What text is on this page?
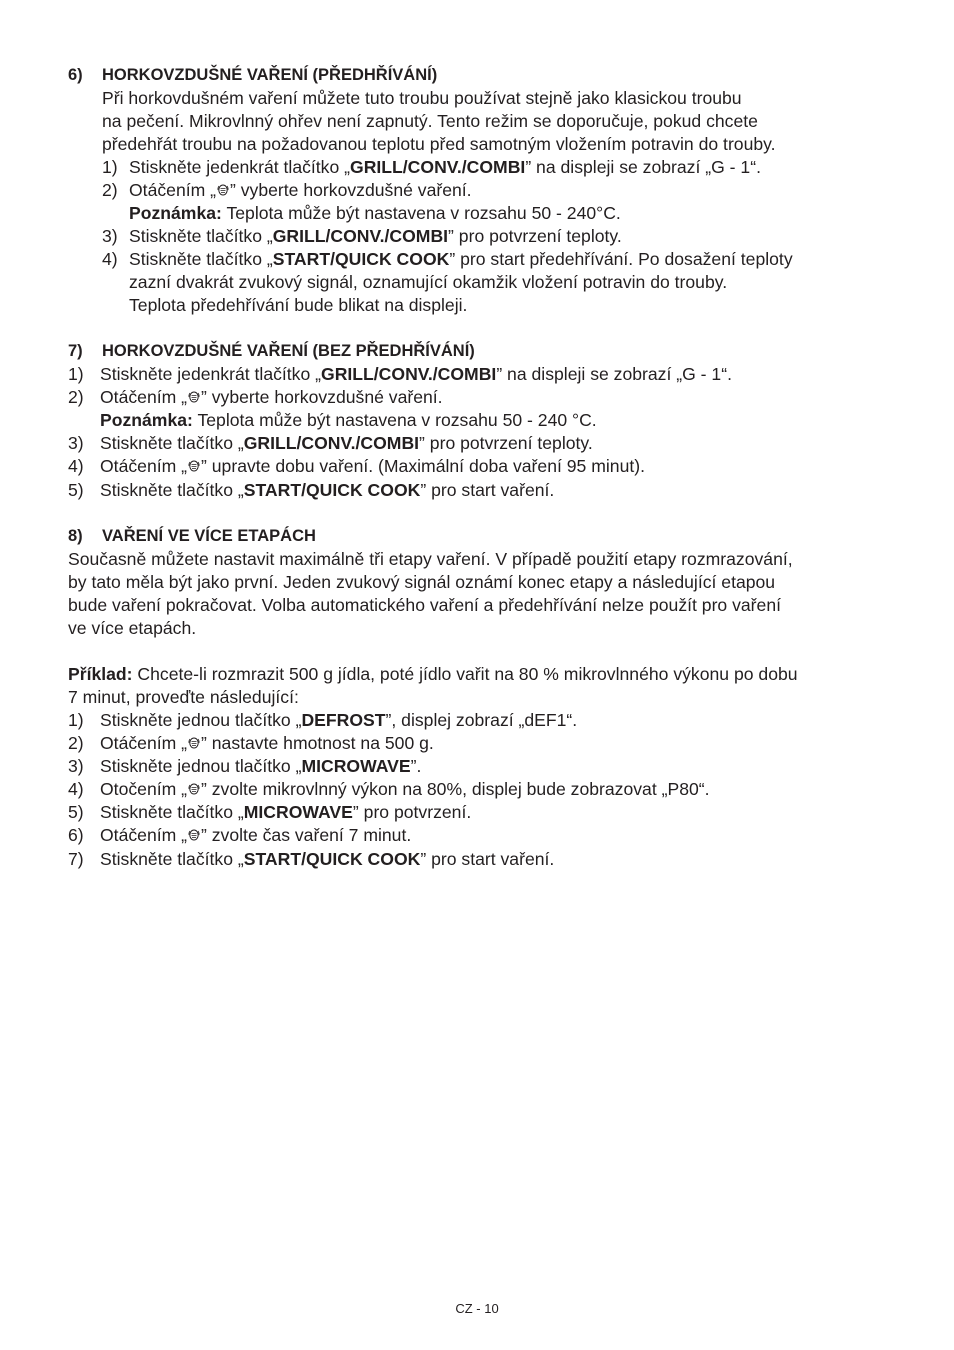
6) HORKOVZDUŠNÉ VAŘENÍ (PŘEDHŘÍVÁNÍ)
Při horkovdušném vaření můžete tuto troubu používat stejně jako klasickou troubu
na pečení. Mikrovlnný ohřev není zapnutý. Tento režim se doporučuje, pokud chcete
předehřát troubu na požadovanou teplotu před samotným vložením potravin do trouby.
1) Stiskněte jedenkrát tlačítko „GRILL/CONV./COMBI” na displeji se zobrazí „G - 1“.
2) Otáčením „ ” vyberte horkovzdušné vaření.
Poznámka: Teplota může být nastavena v rozsahu 50 - 240°C.
3) Stiskněte tlačítko „GRILL/CONV./COMBI” pro potvrzení teploty.
4) Stiskněte tlačítko „START/QUICK COOK” pro start předehřívání. Po dosažení teploty
zazní dvakrát zvukový signál, oznamující okamžik vložení potravin do trouby.
Teplota předehřívání bude blikat na displeji.
7) HORKOVZDUŠNÉ VAŘENÍ (BEZ PŘEDHŘÍVÁNÍ)
1) Stiskněte jedenkrát tlačítko „GRILL/CONV./COMBI” na displeji se zobrazí „G - 1“.
2) Otáčením „ ” vyberte horkovzdušné vaření.
Poznámka: Teplota může být nastavena v rozsahu 50 - 240 °C.
3) Stiskněte tlačítko „GRILL/CONV./COMBI” pro potvrzení teploty.
4) Otáčením „ ” upravte dobu vaření. (Maximální doba vaření 95 minut).
5) Stiskněte tlačítko „START/QUICK COOK” pro start vaření.
8) VAŘENÍ VE VÍCE ETAPÁCH
Současně můžete nastavit maximálně tři etapy vaření. V případě použití etapy rozmrazování,
by tato měla být jako první. Jeden zvukový signál oznámí konec etapy a následující etapou
bude vaření pokračovat. Volba automatického vaření a předehřívání nelze použít pro vaření
ve více etapách.
Příklad: Chcete-li rozmrazit 500 g jídla, poté jídlo vařit na 80 % mikrovlnného výkonu po dobu
7 minut, proveďte následující:
1) Stiskněte jednou tlačítko „DEFROST”, displej zobrazí „dEF1“.
2) Otáčením „ ” nastavte hmotnost na 500 g.
3) Stiskněte jednou tlačítko „MICROWAVE”.
4) Otočením „ ” zvolte mikrovlnný výkon na 80%, displej bude zobrazovat „P80“.
5) Stiskněte tlačítko „MICROWAVE” pro potvrzení.
6) Otáčením „ ” zvolte čas vaření 7 minut.
7) Stiskněte tlačítko „START/QUICK COOK” pro start vaření.
CZ - 10
